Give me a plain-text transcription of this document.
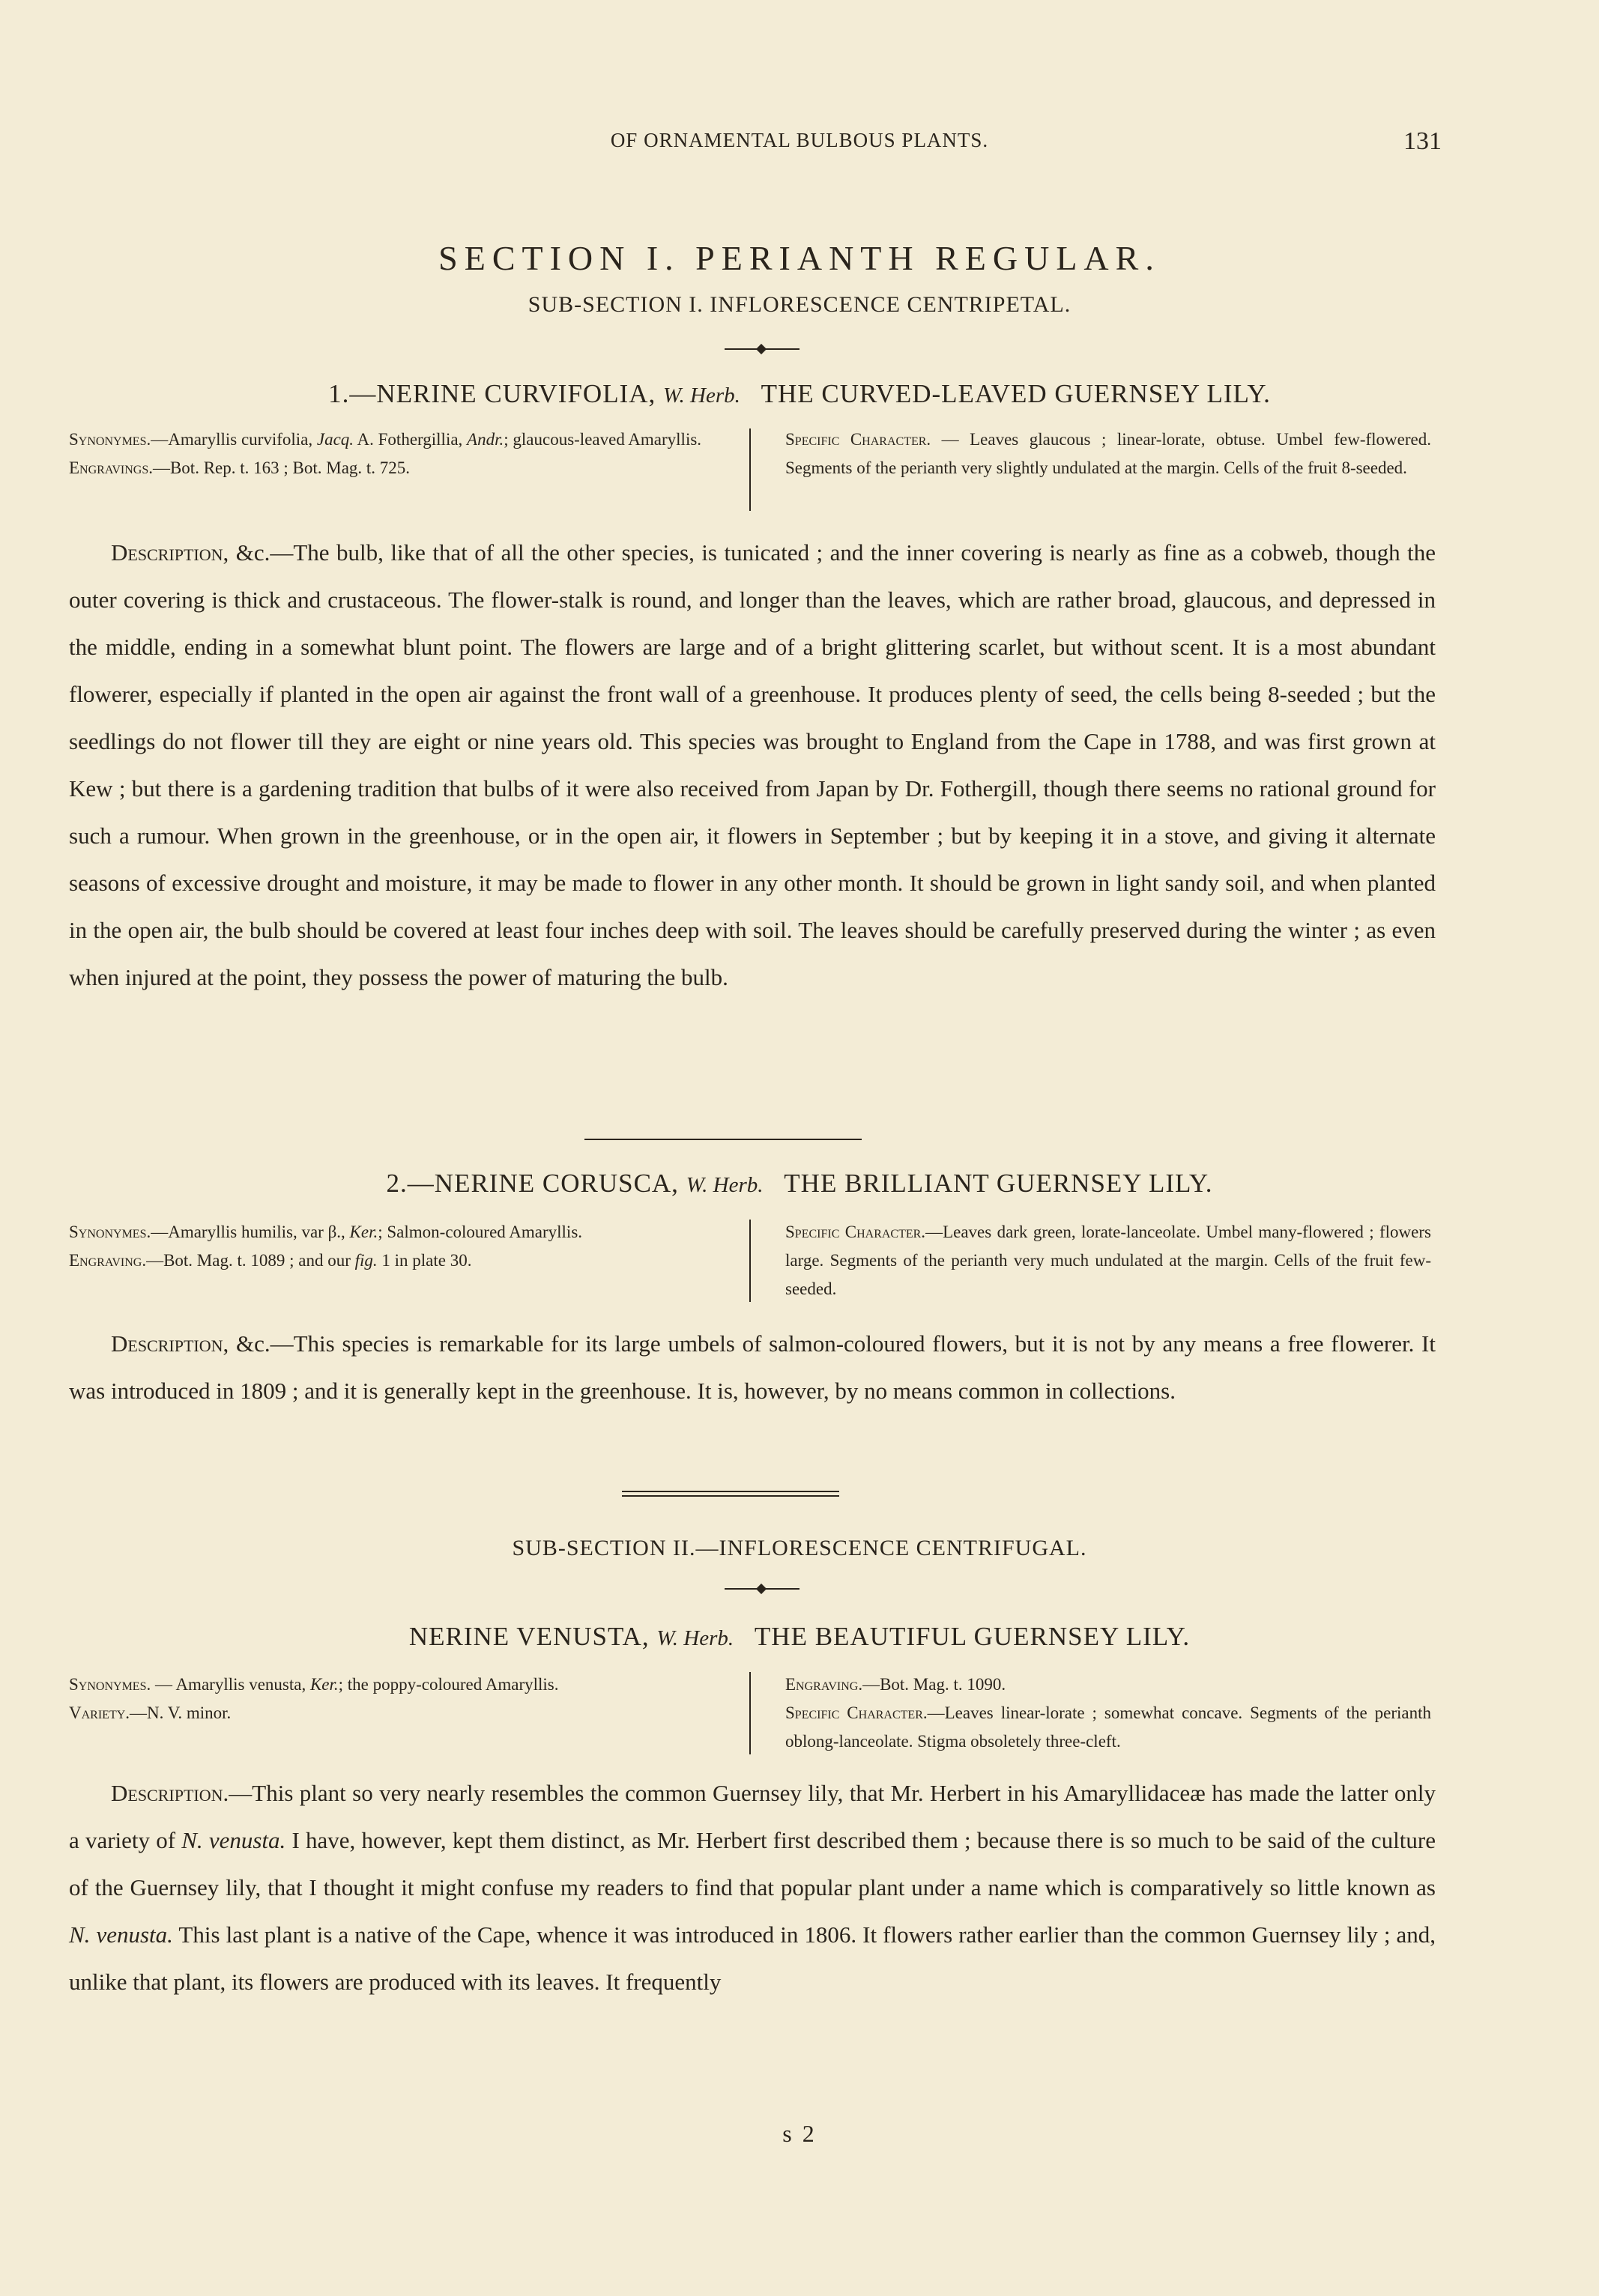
OF ORNAMENTAL BULBOUS PLANTS.	131
SECTION I. PERIANTH REGULAR.
SUB-SECTION I. INFLORESCENCE CENTRIPETAL.
1.—NERINE CURVIFOLIA, W. Herb. THE CURVED-LEAVED GUERNSEY LILY.
Synonymes.—Amaryllis curvifolia, Jacq. A. Fothergillia, Andr.; glaucous-leaved Amaryllis.
Engravings.—Bot. Rep. t. 163 ; Bot. Mag. t. 725.
Specific Character. — Leaves glaucous ; linear-lorate, obtuse. Umbel few-flowered. Segments of the perianth very slightly undulated at the margin. Cells of the fruit 8-seeded.

Description, &c.—The bulb, like that of all the other species, is tunicated ; and the inner covering is nearly as fine as a cobweb, though the outer covering is thick and crustaceous. The flower-stalk is round, and longer than the leaves, which are rather broad, glaucous, and depressed in the middle, ending in a somewhat blunt point. The flowers are large and of a bright glittering scarlet, but without scent. It is a most abundant flowerer, especially if planted in the open air against the front wall of a greenhouse. It produces plenty of seed, the cells being 8-seeded ; but the seedlings do not flower till they are eight or nine years old. This species was brought to England from the Cape in 1788, and was first grown at Kew ; but there is a gardening tradition that bulbs of it were also received from Japan by Dr. Fothergill, though there seems no rational ground for such a rumour. When grown in the greenhouse, or in the open air, it flowers in September ; but by keeping it in a stove, and giving it alternate seasons of excessive drought and moisture, it may be made to flower in any other month. It should be grown in light sandy soil, and when planted in the open air, the bulb should be covered at least four inches deep with soil. The leaves should be carefully preserved during the winter ; as even when injured at the point, they possess the power of maturing the bulb.

2.—NERINE CORUSCA, W. Herb. THE BRILLIANT GUERNSEY LILY.
Synonymes.—Amaryllis humilis, var β., Ker.; Salmon-coloured Amaryllis.
Engraving.—Bot. Mag. t. 1089 ; and our fig. 1 in plate 30.
Specific Character.—Leaves dark green, lorate-lanceolate. Umbel many-flowered ; flowers large. Segments of the perianth very much undulated at the margin. Cells of the fruit few-seeded.

Description, &c.—This species is remarkable for its large umbels of salmon-coloured flowers, but it is not by any means a free flowerer. It was introduced in 1809 ; and it is generally kept in the greenhouse. It is, however, by no means common in collections.

SUB-SECTION II.—INFLORESCENCE CENTRIFUGAL.
NERINE VENUSTA, W. Herb. THE BEAUTIFUL GUERNSEY LILY.
Synonymes. — Amaryllis venusta, Ker.; the poppy-coloured Amaryllis.
Variety.—N. V. minor.
Engraving.—Bot. Mag. t. 1090.
Specific Character.—Leaves linear-lorate ; somewhat concave. Segments of the perianth oblong-lanceolate. Stigma obsoletely three-cleft.

Description.—This plant so very nearly resembles the common Guernsey lily, that Mr. Herbert in his Amaryllidaceæ has made the latter only a variety of N. venusta. I have, however, kept them distinct, as Mr. Herbert first described them ; because there is so much to be said of the culture of the Guernsey lily, that I thought it might confuse my readers to find that popular plant under a name which is comparatively so little known as N. venusta. This last plant is a native of the Cape, whence it was introduced in 1806. It flowers rather earlier than the common Guernsey lily ; and, unlike that plant, its flowers are produced with its leaves. It frequently

s 2
